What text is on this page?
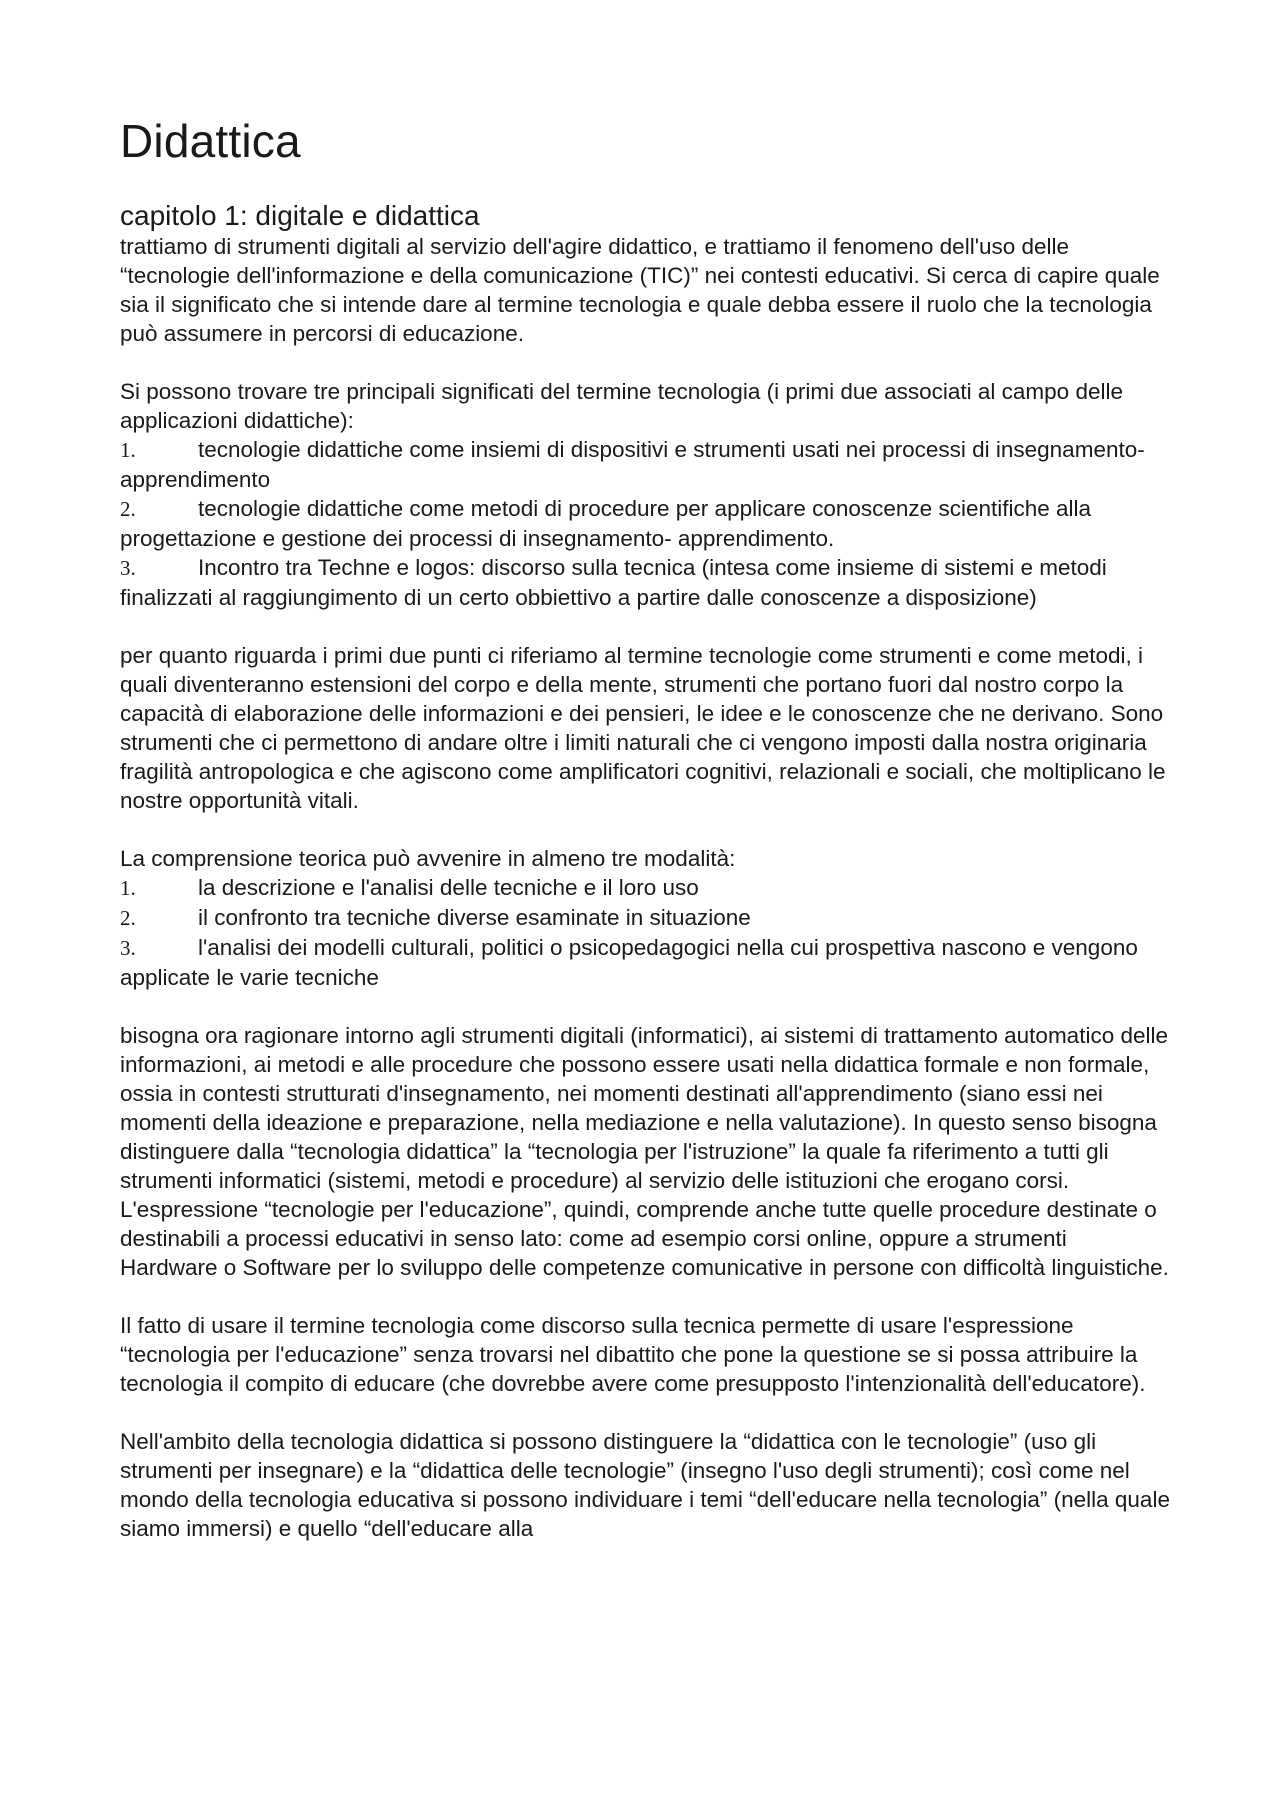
Didattica
capitolo 1: digitale e didattica

trattiamo di strumenti digitali al servizio dell'agire didattico, e trattiamo il fenomeno dell'uso delle “tecnologie dell'informazione e della comunicazione (TIC)” nei contesti educativi. Si cerca di capire quale sia il significato che si intende dare al termine tecnologia e quale debba essere il ruolo che la tecnologia può assumere in percorsi di educazione.

Si possono trovare tre principali significati del termine tecnologia (i primi due associati al campo delle applicazioni didattiche):

1.	tecnologie didattiche come insiemi di dispositivi e strumenti usati nei processi di insegnamento-apprendimento

2.	tecnologie didattiche come metodi di procedure per applicare conoscenze scientifiche alla progettazione e gestione dei processi di insegnamento- apprendimento.

3.	Incontro tra Techne e logos: discorso sulla tecnica (intesa come insieme di sistemi e metodi finalizzati al raggiungimento di un certo obbiettivo a partire dalle conoscenze a disposizione)

per quanto riguarda i primi due punti ci riferiamo al termine tecnologie come strumenti e come metodi, i quali diventeranno estensioni del corpo e della mente, strumenti che portano fuori dal nostro corpo la capacità di elaborazione delle informazioni e dei pensieri, le idee e le conoscenze che ne derivano. Sono strumenti che ci permettono di andare oltre i limiti naturali che ci vengono imposti dalla nostra originaria fragilità antropologica e che agiscono come amplificatori cognitivi, relazionali e sociali, che moltiplicano le nostre opportunità vitali.

La comprensione teorica può avvenire in almeno tre modalità:

1.	la descrizione e l'analisi delle tecniche e il loro uso

2.	il confronto tra tecniche diverse esaminate in situazione

3.	l'analisi dei modelli culturali, politici o psicopedagogici nella cui prospettiva nascono e vengono applicate le varie tecniche

bisogna ora ragionare intorno agli strumenti digitali (informatici), ai sistemi di trattamento automatico delle informazioni, ai metodi e alle procedure che possono essere usati nella didattica formale e non formale, ossia in contesti strutturati d'insegnamento, nei momenti destinati all'apprendimento (siano essi nei momenti della ideazione e preparazione, nella mediazione e nella valutazione). In questo senso bisogna distinguere dalla “tecnologia didattica” la “tecnologia per l'istruzione” la quale fa riferimento a tutti gli strumenti informatici (sistemi, metodi e procedure) al servizio delle istituzioni che erogano corsi. L'espressione “tecnologie per l'educazione”, quindi, comprende anche tutte quelle procedure destinate o destinabili a processi educativi in senso lato: come ad esempio corsi online, oppure a strumenti Hardware o Software per lo sviluppo delle competenze comunicative in persone con difficoltà linguistiche.

Il fatto di usare il termine tecnologia come discorso sulla tecnica permette di usare l'espressione “tecnologia per l'educazione” senza trovarsi nel dibattito che pone la questione se si possa attribuire la tecnologia il compito di educare (che dovrebbe avere come presupposto l'intenzionalità dell'educatore).

Nell'ambito della tecnologia didattica si possono distinguere la “didattica con le tecnologie” (uso gli strumenti per insegnare) e la “didattica delle tecnologie” (insegno l'uso degli strumenti); così come nel mondo della tecnologia educativa si possono individuare i temi “dell'educare nella tecnologia” (nella quale siamo immersi) e quello “dell'educare alla
